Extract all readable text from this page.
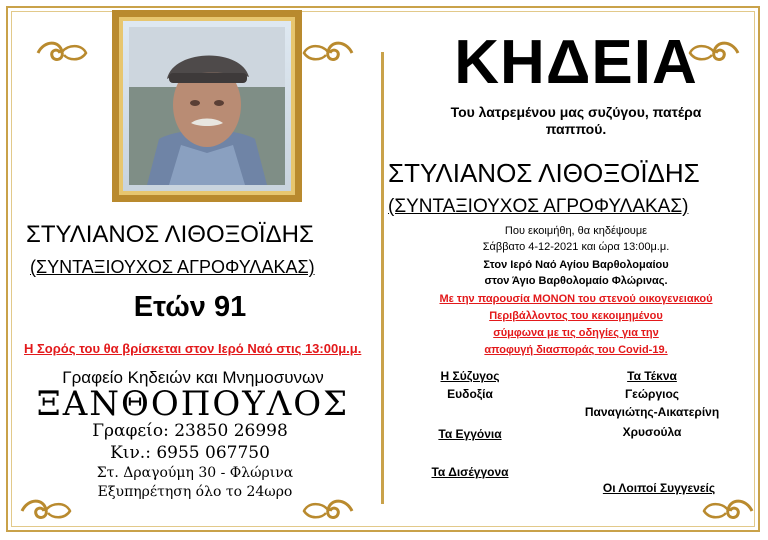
ΣΤΥΛΙΑΝΟΣ ΛΙΘΟΞΟΪΔΗΣ
(ΣΥΝΤΑΞΙΟΥΧΟΣ ΑΓΡΟΦΥΛΑΚΑΣ)
Ετών 91
Η Σορός του θα βρίσκεται στον Ιερό Ναό στις 13:00μ.μ.
Γραφείο Κηδειών και Μνημοσυνων
ΞΑΝΘΟΠΟΥΛΟΣ
Γραφείο: 23850 26998
Κιν.: 6955 067750
Στ. Δραγούμη 30 - Φλώρινα
Εξυπηρέτηση όλο το 24ωρο
ΚΗΔΕΙΑ
Του λατρεμένου μας συζύγου, πατέρα
παππού.
ΣΤΥΛΙΑΝΟΣ ΛΙΘΟΞΟΪΔΗΣ
(ΣΥΝΤΑΞΙΟΥΧΟΣ ΑΓΡΟΦΥΛΑΚΑΣ)
Που εκοιμήθη, θα κηδέψουμε
Σάββατο 4-12-2021 και ώρα 13:00μ.μ.
Στον Ιερό Ναό Αγίου Βαρθολομαίου
στον Άγιο Βαρθολομαίο Φλώρινας.
Με την παρουσία ΜΟΝΟΝ του στενού οικογενειακού
Περιβάλλοντος του κεκοιμημένου
σύμφωνα με τις οδηγίες για την
αποφυγή διασποράς του Covid-19.
Η Σύζυγος
Ευδοξία
Τα Εγγόνια
Τα Δισέγγονα
Τα Τέκνα
Γεώργιος
Παναγιώτης-Αικατερίνη
Χρυσούλα
Οι Λοιποί Συγγενείς
